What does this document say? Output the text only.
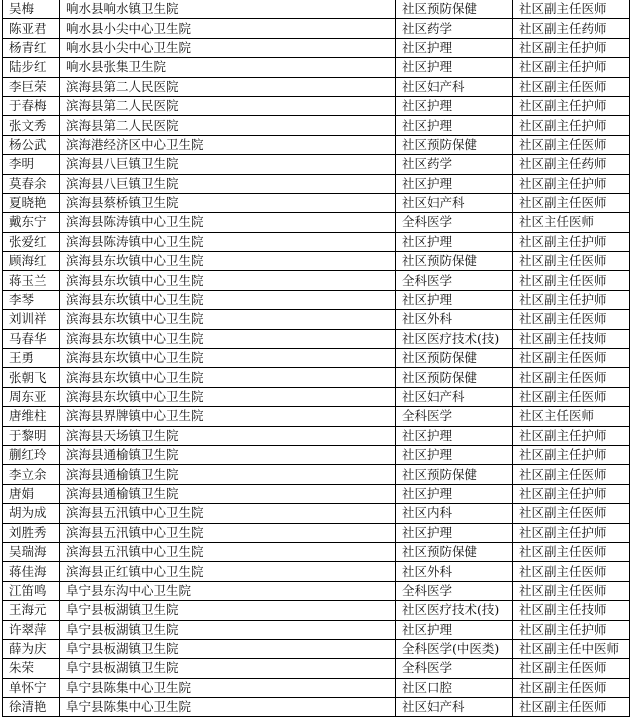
吴梅	响水县响水镇卫生院	社区预防保健	社区副主任医师
陈亚君	响水县小尖中心卫生院	社区药学	社区副主任药师
杨青红	响水县小尖中心卫生院	社区护理	社区副主任护师
陆步红	响水县张集卫生院	社区护理	社区副主任护师
李巨荣	滨海县第二人民医院	社区妇产科	社区副主任医师
于春梅	滨海县第二人民医院	社区护理	社区副主任护师
张文秀	滨海县第二人民医院	社区护理	社区副主任护师
杨公武	滨海港经济区中心卫生院	社区预防保健	社区副主任医师
李明	滨海县八巨镇卫生院	社区药学	社区副主任药师
莫春余	滨海县八巨镇卫生院	社区护理	社区副主任护师
夏晓艳	滨海县蔡桥镇卫生院	社区妇产科	社区副主任医师
戴东宁	滨海县陈涛镇中心卫生院	全科医学	社区主任医师
张爱红	滨海县陈涛镇中心卫生院	社区护理	社区副主任护师
顾海红	滨海县东坎镇中心卫生院	社区预防保健	社区副主任医师
蒋玉兰	滨海县东坎镇中心卫生院	全科医学	社区副主任医师
李琴	滨海县东坎镇中心卫生院	社区护理	社区副主任护师
刘训祥	滨海县东坎镇中心卫生院	社区外科	社区副主任医师
马春华	滨海县东坎镇中心卫生院	社区医疗技术(技)	社区副主任技师
王勇	滨海县东坎镇中心卫生院	社区预防保健	社区副主任医师
张朝飞	滨海县东坎镇中心卫生院	社区预防保健	社区副主任医师
周东亚	滨海县东坎镇中心卫生院	社区妇产科	社区副主任医师
唐维柱	滨海县界牌镇中心卫生院	全科医学	社区主任医师
于黎明	滨海县天场镇卫生院	社区护理	社区副主任护师
蒯红玲	滨海县通榆镇卫生院	社区护理	社区副主任护师
李立余	滨海县通榆镇卫生院	社区预防保健	社区副主任医师
唐娟	滨海县通榆镇卫生院	社区护理	社区副主任护师
胡为成	滨海县五汛镇中心卫生院	社区内科	社区副主任医师
刘胜秀	滨海县五汛镇中心卫生院	社区护理	社区副主任护师
吴瑞海	滨海县五汛镇中心卫生院	社区预防保健	社区副主任医师
蒋佳海	滨海县正红镇中心卫生院	社区外科	社区副主任医师
江笛鸣	阜宁县东沟中心卫生院	全科医学	社区副主任医师
王海元	阜宁县板湖镇卫生院	社区医疗技术(技)	社区副主任技师
许翠萍	阜宁县板湖镇卫生院	社区护理	社区副主任护师
薛为庆	阜宁县板湖镇卫生院	全科医学(中医类)	社区副主任中医师
朱荣	阜宁县板湖镇卫生院	全科医学	社区副主任医师
单怀宁	阜宁县陈集中心卫生院	社区口腔	社区副主任医师
徐清艳	阜宁县陈集中心卫生院	社区妇产科	社区副主任医师
